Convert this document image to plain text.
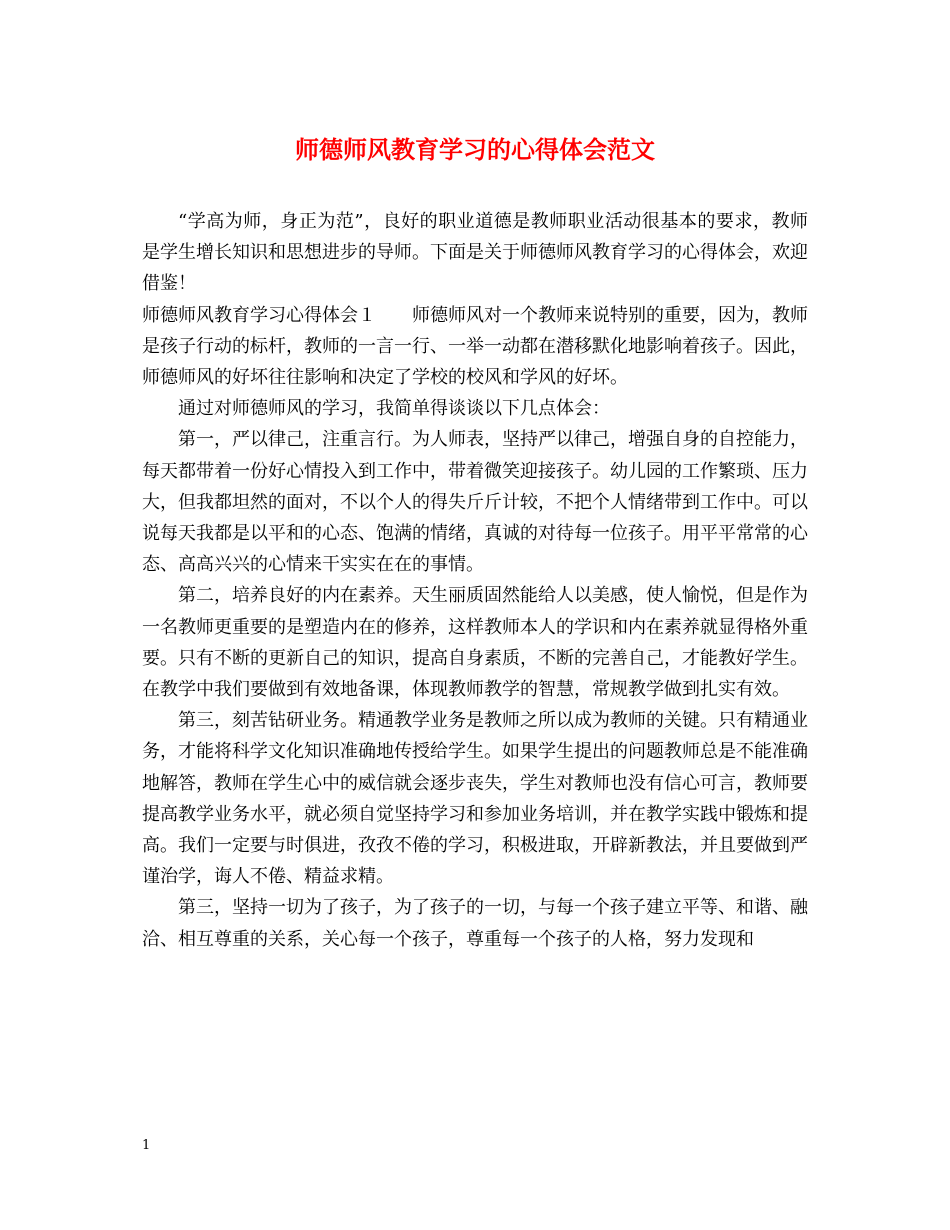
师德师风教育学习的心得体会范文

“学高为师，身正为范”，良好的职业道德是教师职业活动很基本的要求，教师是学生增长知识和思想进步的导师。下面是关于师德师风教育学习的心得体会，欢迎借鉴！

师德师风教育学习心得体会１　　师德师风对一个教师来说特别的重要，因为，教师是孩子行动的标杆，教师的一言一行、一举一动都在潜移默化地影响着孩子。因此，师德师风的好坏往往影响和决定了学校的校风和学风的好坏。

通过对师德师风的学习，我简单得谈谈以下几点体会：

第一，严以律己，注重言行。为人师表，坚持严以律己，增强自身的自控能力，每天都带着一份好心情投入到工作中，带着微笑迎接孩子。幼儿园的工作繁琐、压力大，但我都坦然的面对，不以个人的得失斤斤计较，不把个人情绪带到工作中。可以说每天我都是以平和的心态、饱满的情绪，真诚的对待每一位孩子。用平平常常的心态、高高兴兴的心情来干实实在在的事情。

第二，培养良好的内在素养。天生丽质固然能给人以美感，使人愉悦，但是作为一名教师更重要的是塑造内在的修养，这样教师本人的学识和内在素养就显得格外重要。只有不断的更新自己的知识，提高自身素质，不断的完善自己，才能教好学生。在教学中我们要做到有效地备课，体现教师教学的智慧，常规教学做到扎实有效。

第三，刻苦钻研业务。精通教学业务是教师之所以成为教师的关键。只有精通业务，才能将科学文化知识准确地传授给学生。如果学生提出的问题教师总是不能准确地解答，教师在学生心中的威信就会逐步丧失，学生对教师也没有信心可言，教师要提高教学业务水平，就必须自觉坚持学习和参加业务培训，并在教学实践中锻炼和提高。我们一定要与时俱进，孜孜不倦的学习，积极进取，开辟新教法，并且要做到严谨治学，诲人不倦、精益求精。

第三，坚持一切为了孩子，为了孩子的一切，与每一个孩子建立平等、和谐、融洽、相互尊重的关系，关心每一个孩子，尊重每一个孩子的人格，努力发现和

1
